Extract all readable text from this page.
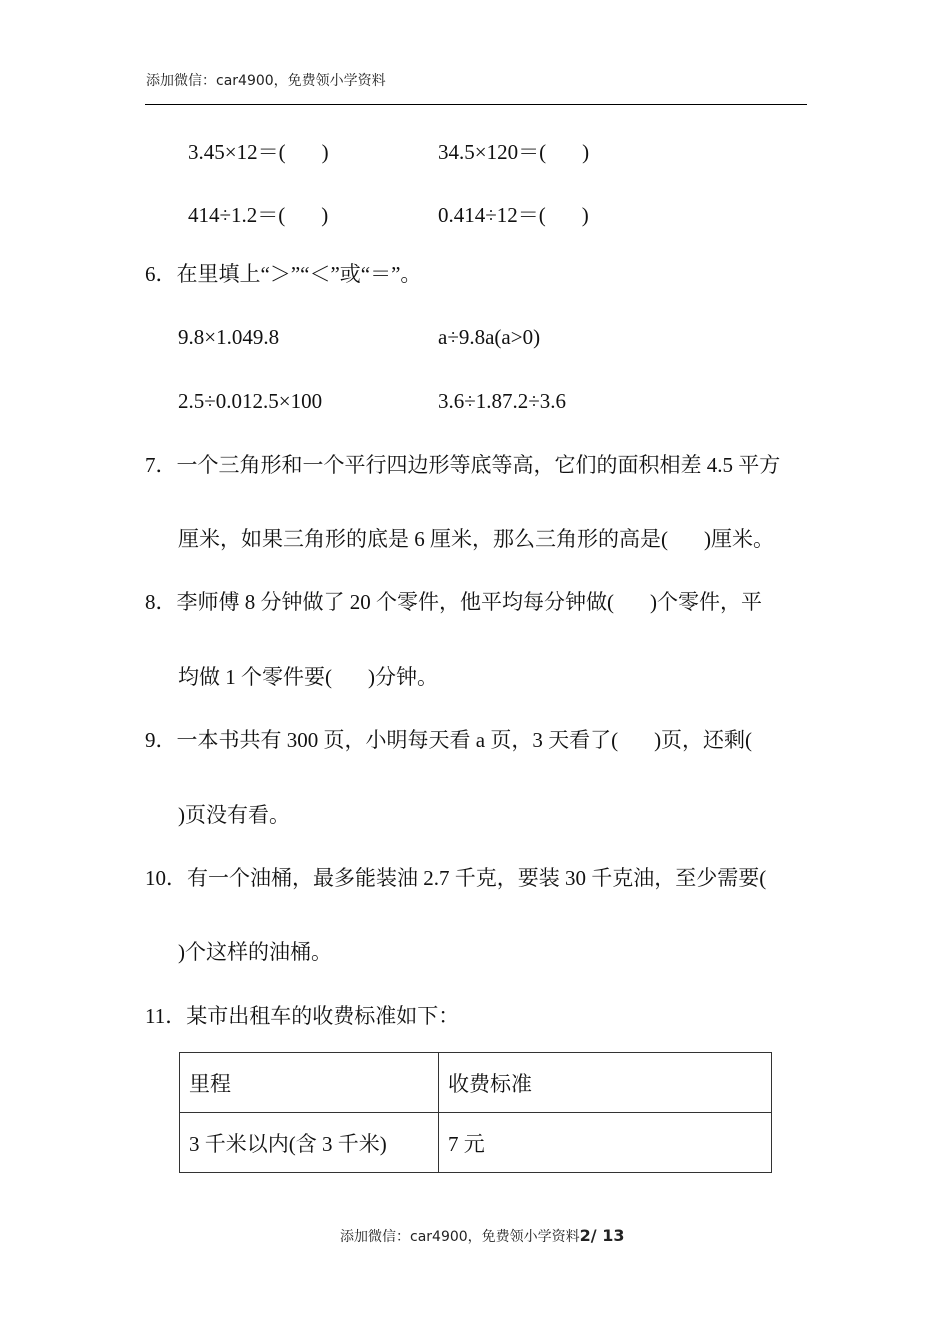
添加微信：car4900，免费领小学资料
3.45×12＝( )	34.5×120＝( )
414÷1.2＝( )	0.414÷12＝( )
6．在里填上“＞”“＜”或“＝”。
9.8×1.049.8	a÷9.8a(a>0)
2.5÷0.012.5×100	3.6÷1.87.2÷3.6
7．一个三角形和一个平行四边形等底等高，它们的面积相差 4.5 平方
厘米，如果三角形的底是 6 厘米，那么三角形的高是( )厘米。
8．李师傅 8 分钟做了 20 个零件，他平均每分钟做( )个零件，平
均做 1 个零件要( )分钟。
9．一本书共有 300 页，小明每天看 a 页，3 天看了( )页，还剩(
)页没有看。
10．有一个油桶，最多能装油 2.7 千克，要装 30 千克油，至少需要(
)个这样的油桶。
11．某市出租车的收费标准如下：
里程	收费标准
3 千米以内(含 3 千米)	7 元
添加微信：car4900，免费领小学资料2/ 13
